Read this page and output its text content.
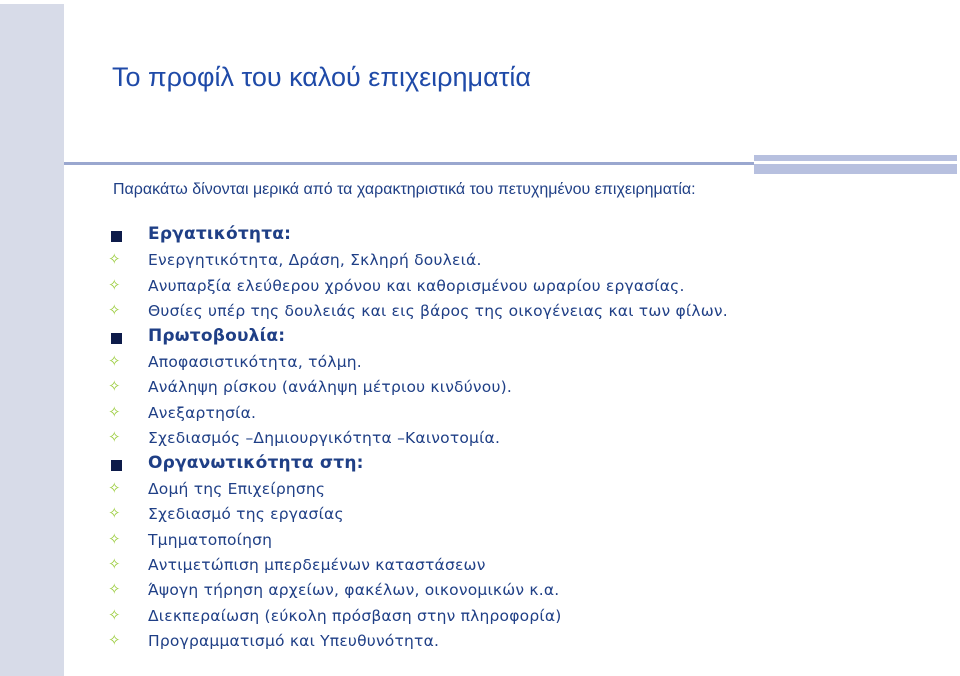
Το προφίλ του καλού επιχειρηματία
Παρακάτω δίνονται μερικά από τα χαρακτηριστικά του πετυχημένου επιχειρηματία:
Εργατικότητα:
✧ Ενεργητικότητα, Δράση, Σκληρή δουλειά.
✧ Ανυπαρξία ελεύθερου χρόνου και καθορισμένου ωραρίου εργασίας.
✧ Θυσίες υπέρ της δουλειάς και εις βάρος της οικογένειας και των φίλων.
Πρωτοβουλία:
✧ Αποφασιστικότητα, τόλμη.
✧ Ανάληψη ρίσκου (ανάληψη μέτριου κινδύνου).
✧ Ανεξαρτησία.
✧ Σχεδιασμός –Δημιουργικότητα –Καινοτομία.
Οργανωτικότητα στη:
✧ Δομή της Επιχείρησης
✧ Σχεδιασμό της εργασίας
✧ Τμηματοποίηση
✧ Αντιμετώπιση μπερδεμένων καταστάσεων
✧ Άψογη τήρηση αρχείων, φακέλων, οικονομικών κ.α.
✧ Διεκπεραίωση (εύκολη πρόσβαση στην πληροφορία)
✧ Προγραμματισμό και Υπευθυνότητα.
